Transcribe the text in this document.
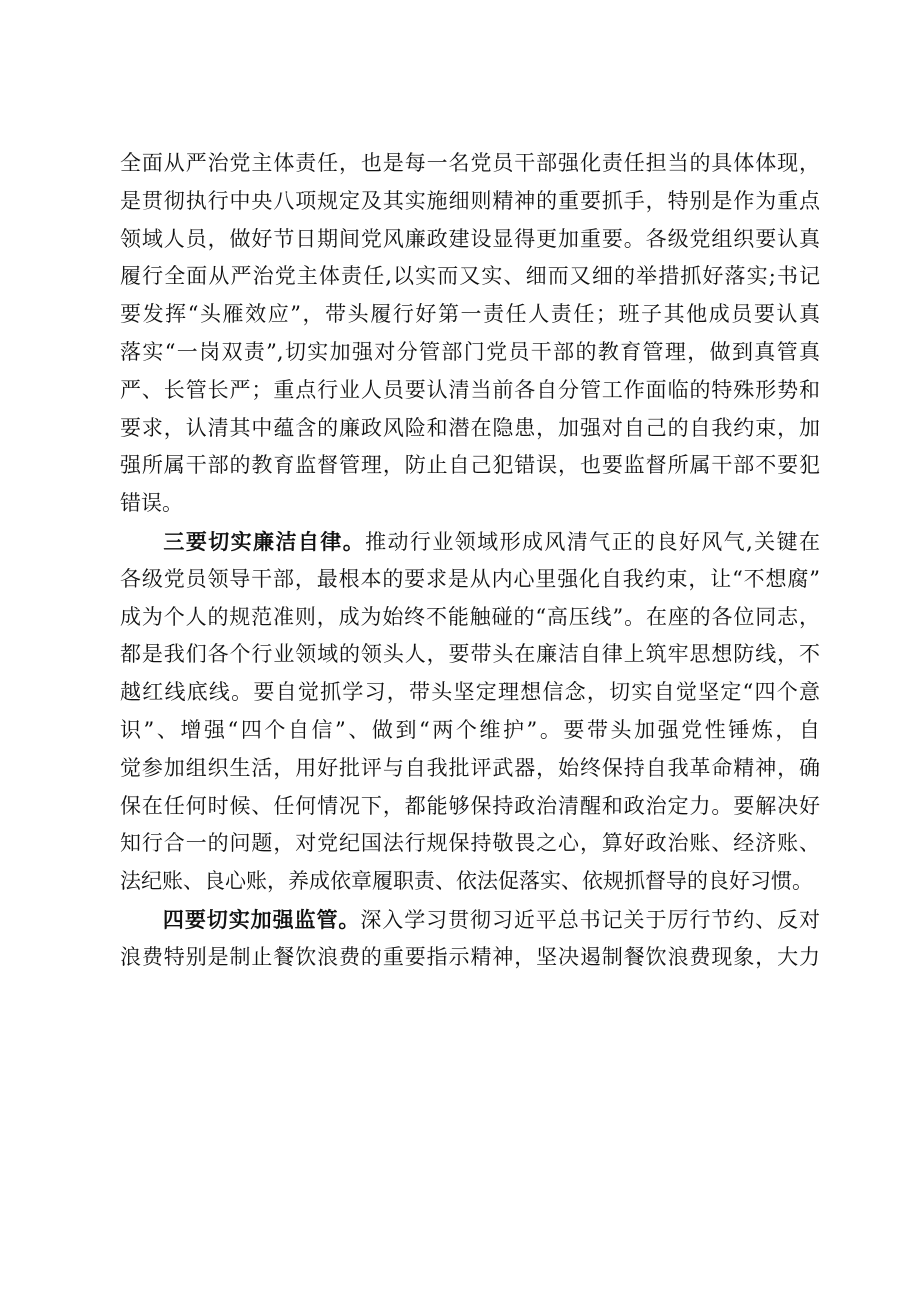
全面从严治党主体责任，也是每一名党员干部强化责任担当的具体体现，
是贯彻执行中央八项规定及其实施细则精神的重要抓手，特别是作为重点
领域人员，做好节日期间党风廉政建设显得更加重要。各级党组织要认真
履行全面从严治党主体责任,以实而又实、细而又细的举措抓好落实;书记
要发挥“头雁效应”，带头履行好第一责任人责任；班子其他成员要认真
落实“一岗双责”,切实加强对分管部门党员干部的教育管理，做到真管真
严、长管长严；重点行业人员要认清当前各自分管工作面临的特殊形势和
要求，认清其中蕴含的廉政风险和潜在隐患，加强对自己的自我约束，加
强所属干部的教育监督管理，防止自己犯错误，也要监督所属干部不要犯
错误。
三要切实廉洁自律。推动行业领域形成风清气正的良好风气,关键在
各级党员领导干部，最根本的要求是从内心里强化自我约束，让“不想腐”
成为个人的规范准则，成为始终不能触碰的“高压线”。在座的各位同志，
都是我们各个行业领域的领头人，要带头在廉洁自律上筑牢思想防线，不
越红线底线。要自觉抓学习，带头坚定理想信念，切实自觉坚定“四个意
识”、增强“四个自信”、做到“两个维护”。要带头加强党性锤炼，自
觉参加组织生活，用好批评与自我批评武器，始终保持自我革命精神，确
保在任何时候、任何情况下，都能够保持政治清醒和政治定力。要解决好
知行合一的问题，对党纪国法行规保持敬畏之心，算好政治账、经济账、
法纪账、良心账，养成依章履职责、依法促落实、依规抓督导的良好习惯。
四要切实加强监管。深入学习贯彻习近平总书记关于厉行节约、反对
浪费特别是制止餐饮浪费的重要指示精神，坚决遏制餐饮浪费现象，大力
